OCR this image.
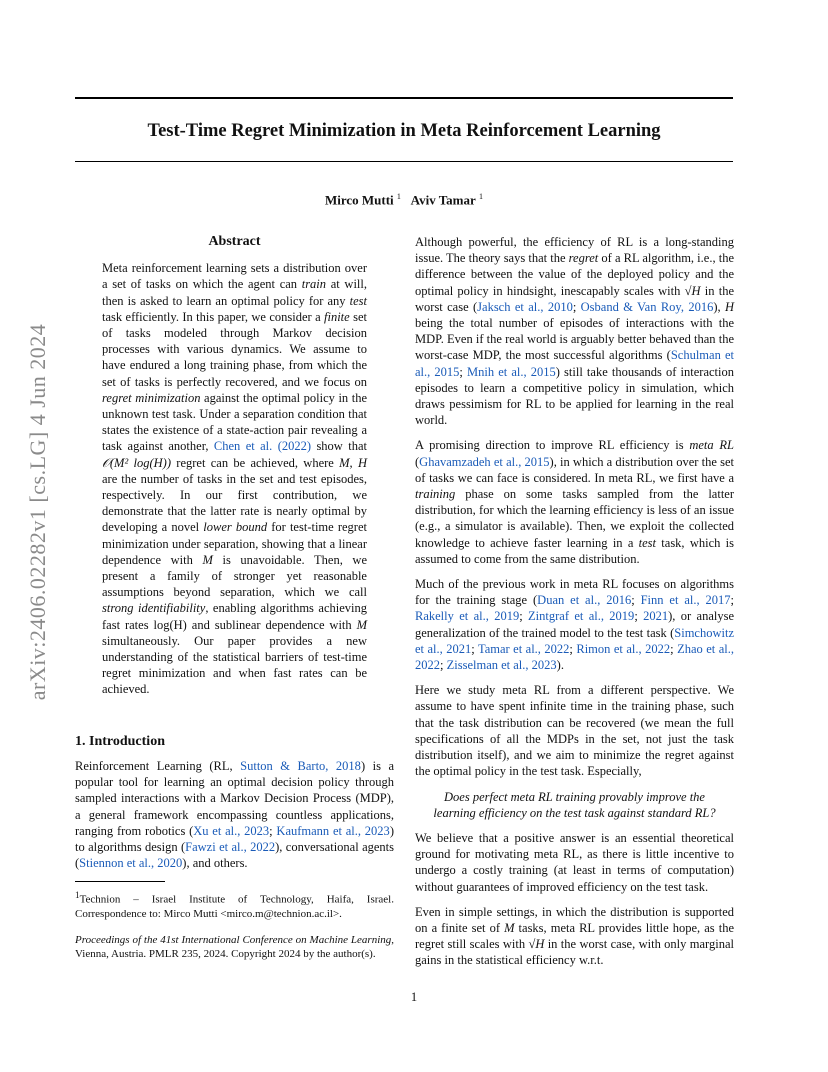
arXiv:2406.02282v1 [cs.LG] 4 Jun 2024
Test-Time Regret Minimization in Meta Reinforcement Learning
Mirco Mutti $^1$ Aviv Tamar $^1$
Abstract
Meta reinforcement learning sets a distribution over a set of tasks on which the agent can train at will, then is asked to learn an optimal policy for any test task efficiently. In this paper, we consider a finite set of tasks modeled through Markov decision processes with various dynamics. We assume to have endured a long training phase, from which the set of tasks is perfectly recovered, and we focus on regret minimization against the optimal policy in the unknown test task. Under a separation condition that states the existence of a state-action pair revealing a task against another, Chen et al. (2022) show that 𝒪(M² log(H)) regret can be achieved, where M, H are the number of tasks in the set and test episodes, respectively. In our first contribution, we demonstrate that the latter rate is nearly optimal by developing a novel lower bound for test-time regret minimization under separation, showing that a linear dependence with M is unavoidable. Then, we present a family of stronger yet reasonable assumptions beyond separation, which we call strong identifiability, enabling algorithms achieving fast rates log(H) and sublinear dependence with M simultaneously. Our paper provides a new understanding of the statistical barriers of test-time regret minimization and when fast rates can be achieved.
1. Introduction
Reinforcement Learning (RL, Sutton & Barto, 2018) is a popular tool for learning an optimal decision policy through sampled interactions with a Markov Decision Process (MDP), a general framework encompassing countless applications, ranging from robotics (Xu et al., 2023; Kaufmann et al., 2023) to algorithms design (Fawzi et al., 2022), conversational agents (Stiennon et al., 2020), and others.
$^1$Technion – Israel Institute of Technology, Haifa, Israel. Correspondence to: Mirco Mutti <mirco.m@technion.ac.il>.
Proceedings of the 41st International Conference on Machine Learning, Vienna, Austria. PMLR 235, 2024. Copyright 2024 by the author(s).
Although powerful, the efficiency of RL is a long-standing issue. The theory says that the regret of a RL algorithm, i.e., the difference between the value of the deployed policy and the optimal policy in hindsight, inescapably scales with √H in the worst case (Jaksch et al., 2010; Osband & Van Roy, 2016), H being the total number of episodes of interactions with the MDP. Even if the real world is arguably better behaved than the worst-case MDP, the most successful algorithms (Schulman et al., 2015; Mnih et al., 2015) still take thousands of interaction episodes to learn a competitive policy in simulation, which draws pessimism for RL to be applied for learning in the real world.
A promising direction to improve RL efficiency is meta RL (Ghavamzadeh et al., 2015), in which a distribution over the set of tasks we can face is considered. In meta RL, we first have a training phase on some tasks sampled from the latter distribution, for which the learning efficiency is less of an issue (e.g., a simulator is available). Then, we exploit the collected knowledge to achieve faster learning in a test task, which is assumed to come from the same distribution.
Much of the previous work in meta RL focuses on algorithms for the training stage (Duan et al., 2016; Finn et al., 2017; Rakelly et al., 2019; Zintgraf et al., 2019; 2021), or analyse generalization of the trained model to the test task (Simchowitz et al., 2021; Tamar et al., 2022; Rimon et al., 2022; Zhao et al., 2022; Zisselman et al., 2023).
Here we study meta RL from a different perspective. We assume to have spent infinite time in the training phase, such that the task distribution can be recovered (we mean the full specifications of all the MDPs in the set, not just the task distribution itself), and we aim to minimize the regret against the optimal policy in the test task. Especially,
Does perfect meta RL training provably improve the learning efficiency on the test task against standard RL?
We believe that a positive answer is an essential theoretical ground for motivating meta RL, as there is little incentive to undergo a costly training (at least in terms of computation) without guarantees of improved efficiency on the test task.
Even in simple settings, in which the distribution is supported on a finite set of M tasks, meta RL provides little hope, as the regret still scales with √H in the worst case, with only marginal gains in the statistical efficiency w.r.t.
1
